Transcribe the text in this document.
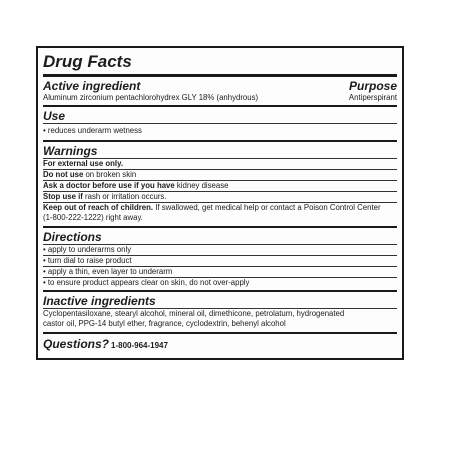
Drug Facts
Active ingredient	Purpose
Aluminum zirconium pentachlorohydrex GLY 18% (anhydrous)	Antiperspirant
Use
• reduces underarm wetness
Warnings
For external use only.
Do not use on broken skin
Ask a doctor before use if you have kidney disease
Stop use if rash or irritation occurs.
Keep out of reach of children. If swallowed, get medical help or contact a Poison Control Center
(1-800-222-1222) right away.
Directions
• apply to underarms only
• turn dial to raise product
• apply a thin, even layer to underarm
• to ensure product appears clear on skin, do not over-apply
Inactive ingredients
Cyclopentasiloxane, stearyl alcohol, mineral oil, dimethicone, petrolatum, hydrogenated
castor oil, PPG-14 butyl ether, fragrance, cyclodextrin, behenyl alcohol
Questions? 1-800-964-1947
